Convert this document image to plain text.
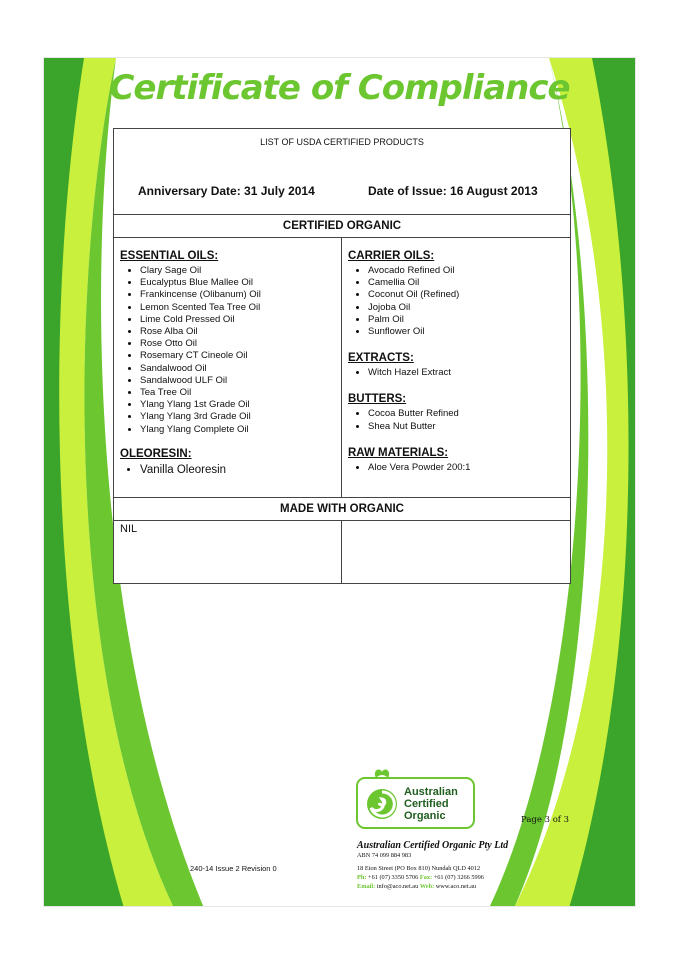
Certificate of Compliance
LIST OF USDA CERTIFIED PRODUCTS
Anniversary Date: 31 July 2014	Date of Issue: 16 August 2013
CERTIFIED ORGANIC
ESSENTIAL OILS:
• Clary Sage Oil
• Eucalyptus Blue Mallee Oil
• Frankincense (Olibanum) Oil
• Lemon Scented Tea Tree Oil
• Lime Cold Pressed Oil
• Rose Alba Oil
• Rose Otto Oil
• Rosemary CT Cineole Oil
• Sandalwood Oil
• Sandalwood ULF Oil
• Tea Tree Oil
• Ylang Ylang 1st Grade Oil
• Ylang Ylang 3rd Grade Oil
• Ylang Ylang Complete Oil
OLEORESIN:
• Vanilla Oleoresin
CARRIER OILS:
• Avocado Refined Oil
• Camellia Oil
• Coconut Oil (Refined)
• Jojoba Oil
• Palm Oil
• Sunflower Oil
EXTRACTS:
• Witch Hazel Extract
BUTTERS:
• Cocoa Butter Refined
• Shea Nut Butter
RAW MATERIALS:
• Aloe Vera Powder 200:1
MADE WITH ORGANIC
NIL
Australian
Certified
Organic	Page 3 of 3
Australian Certified Organic Pty Ltd
ABN 74 099 884 983
18 Eton Street (PO Box 810) Nundah QLD 4012
Ph: +61 (07) 3350 5706 Fax: +61 (07) 3266 5996
Email: info@aco.net.au Web: www.aco.net.au
240-14 Issue 2 Revision 0
